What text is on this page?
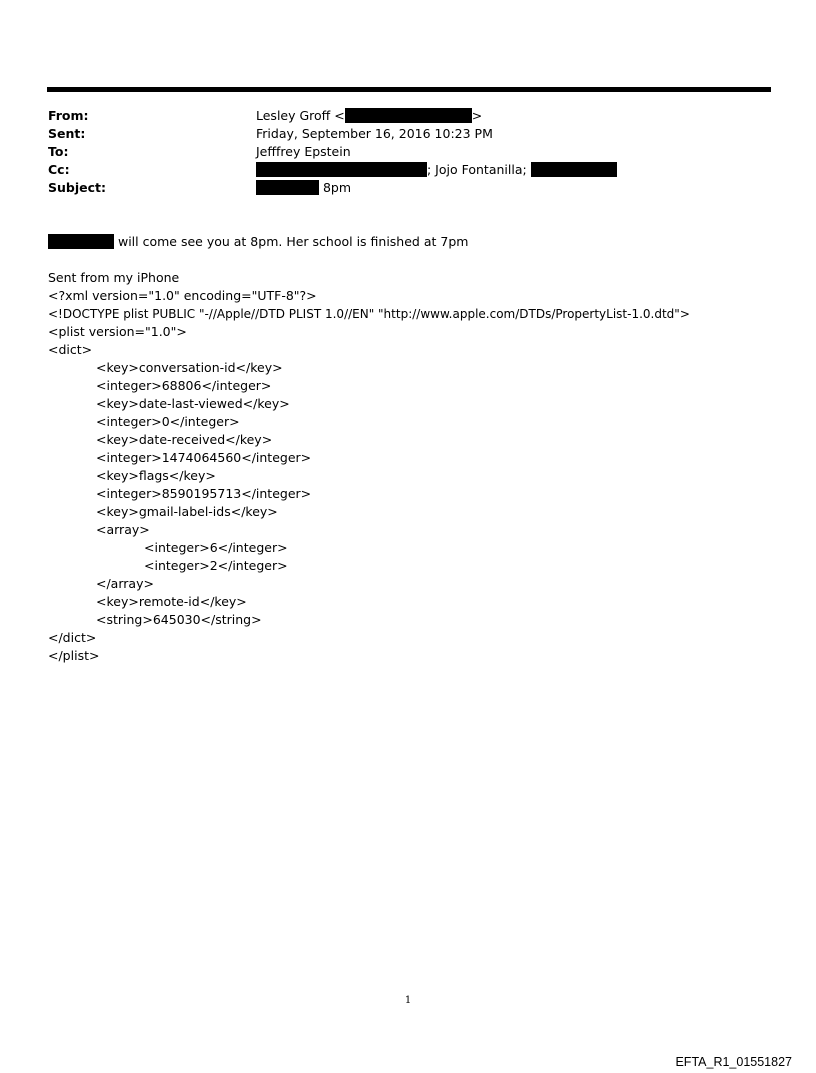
From:
Sent:
To:
Cc:
Subject:
Lesley Groff <	>
Friday, September 16, 2016 10:23 PM
Jefffrey Epstein
; Jojo Fontanilla;
8pm
will come see you at 8pm. Her school is finished at 7pm
Sent from my iPhone
<?xml version="1.0" encoding="UTF-8"?>
<!DOCTYPE plist PUBLIC "-//Apple//DTD PLIST 1.0//EN" "http://www.apple.com/DTDs/PropertyList-1.0.dtd">
<plist version="1.0">
<dict>
<key>conversation-id</key>
<integer>68806</integer>
<key>date-last-viewed</key>
<integer>0</integer>
<key>date-received</key>
<integer>1474064560</integer>
<key>flags</key>
<integer>8590195713</integer>
<key>gmail-label-ids</key>
<array>
<integer>6</integer>
<integer>2</integer>
</array>
<key>remote-id</key>
<string>645030</string>
</dict>
</plist>
1
EFTA_R1_01551827
